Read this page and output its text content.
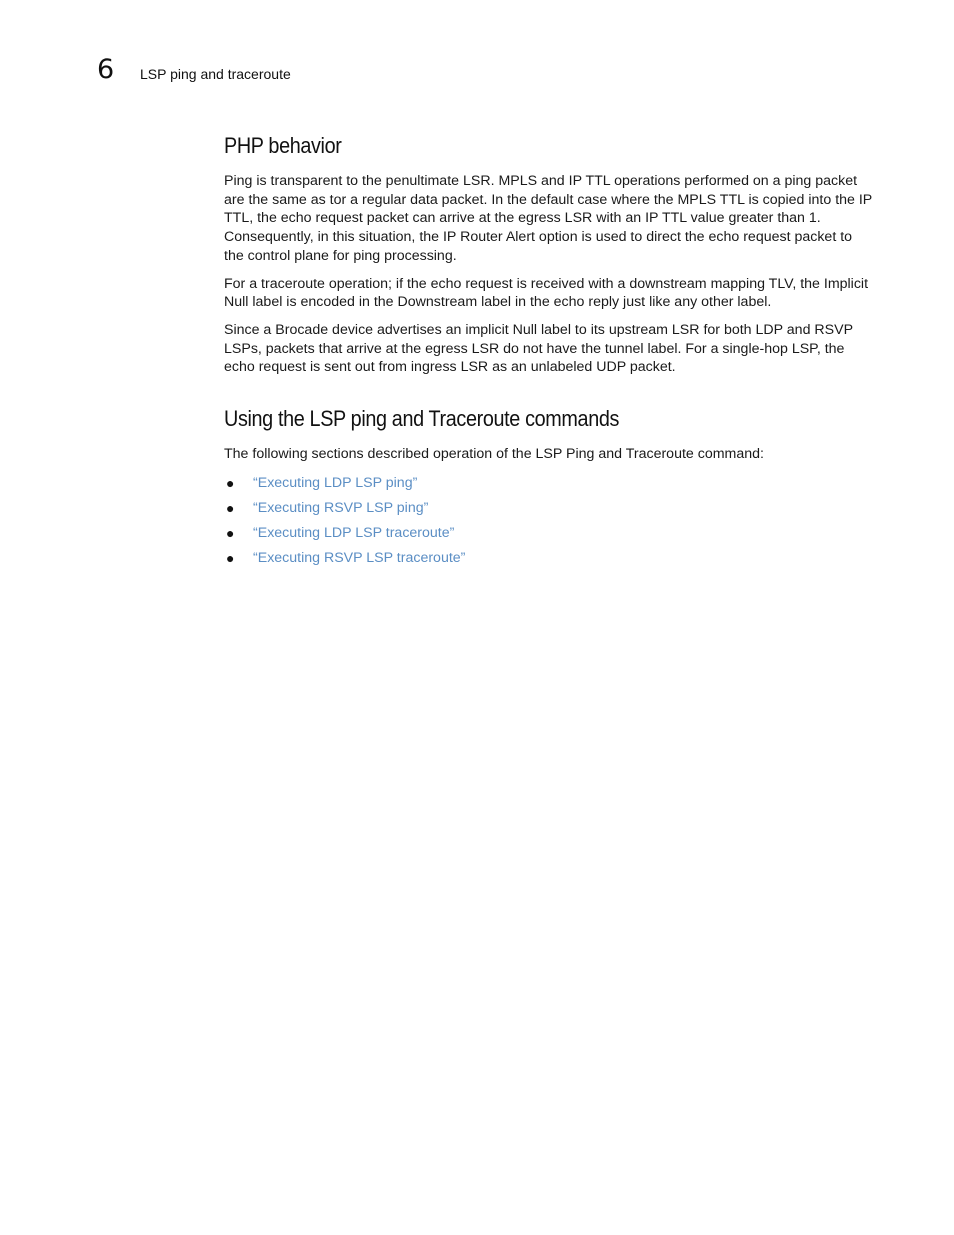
6 LSP ping and traceroute
PHP behavior

Ping is transparent to the penultimate LSR. MPLS and IP TTL operations performed on a ping packet are the same as tor a regular data packet. In the default case where the MPLS TTL is copied into the IP TTL, the echo request packet can arrive at the egress LSR with an IP TTL value greater than 1. Consequently, in this situation, the IP Router Alert option is used to direct the echo request packet to the control plane for ping processing.

For a traceroute operation; if the echo request is received with a downstream mapping TLV, the Implicit Null label is encoded in the Downstream label in the echo reply just like any other label.

Since a Brocade device advertises an implicit Null label to its upstream LSR for both LDP and RSVP LSPs, packets that arrive at the egress LSR do not have the tunnel label. For a single-hop LSP, the echo request is sent out from ingress LSR as an unlabeled UDP packet.

Using the LSP ping and Traceroute commands

The following sections described operation of the LSP Ping and Traceroute command:

● “Executing LDP LSP ping”
● “Executing RSVP LSP ping”
● “Executing LDP LSP traceroute”
● “Executing RSVP LSP traceroute”
